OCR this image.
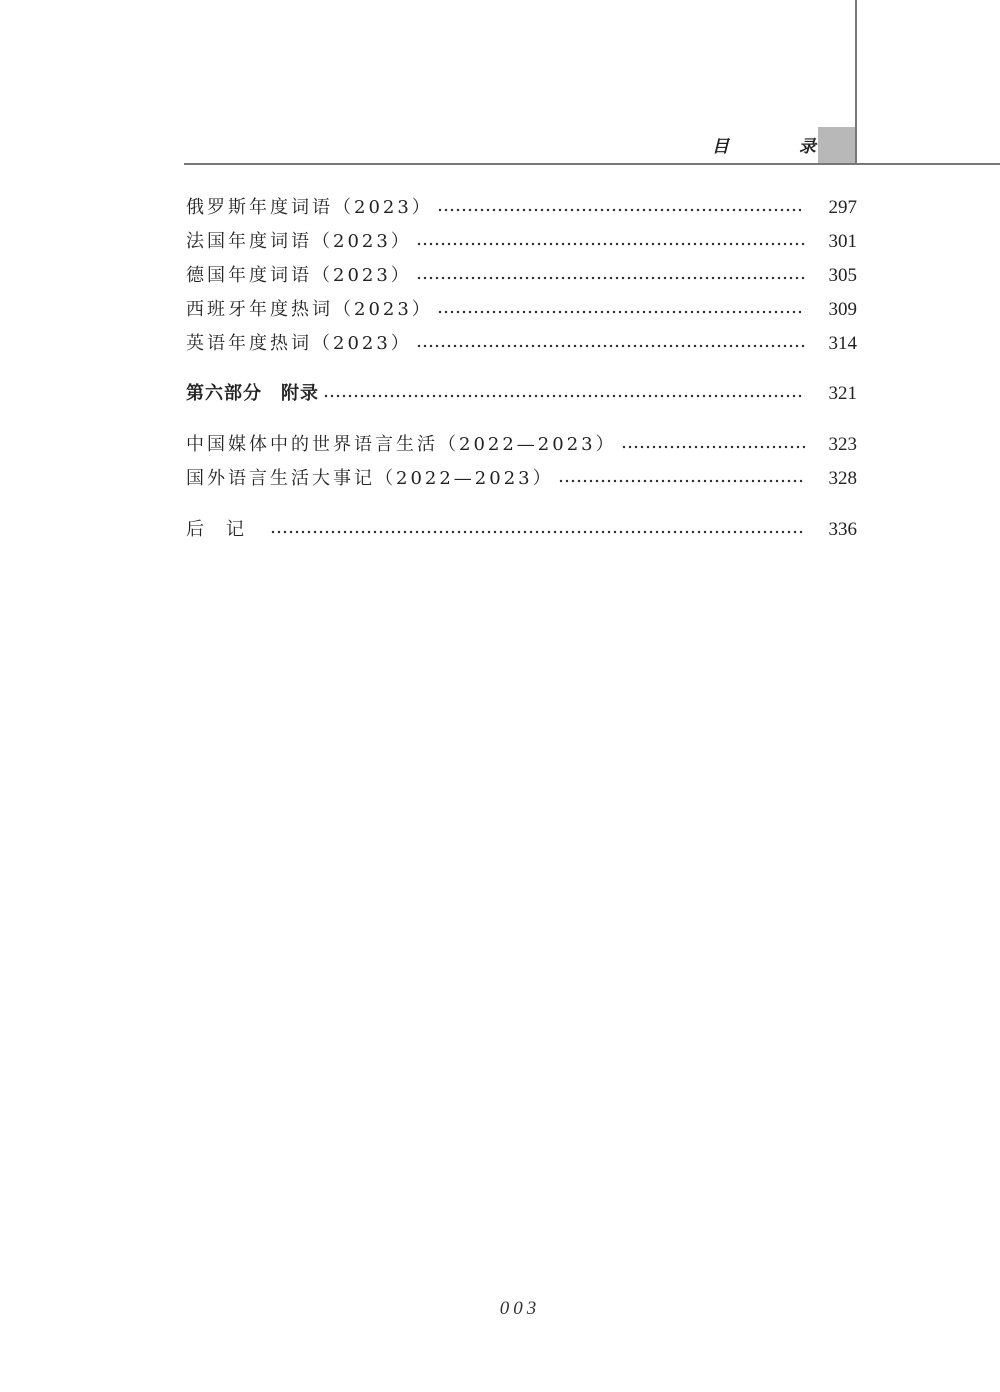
目 录
俄罗斯年度词语（2023）	297
法国年度词语（2023）	301
德国年度词语（2023）	305
西班牙年度热词（2023）	309
英语年度热词（2023）	314
第六部分　附录	321
中国媒体中的世界语言生活（2022—2023）	323
国外语言生活大事记（2022—2023）	328
后记	336
003
